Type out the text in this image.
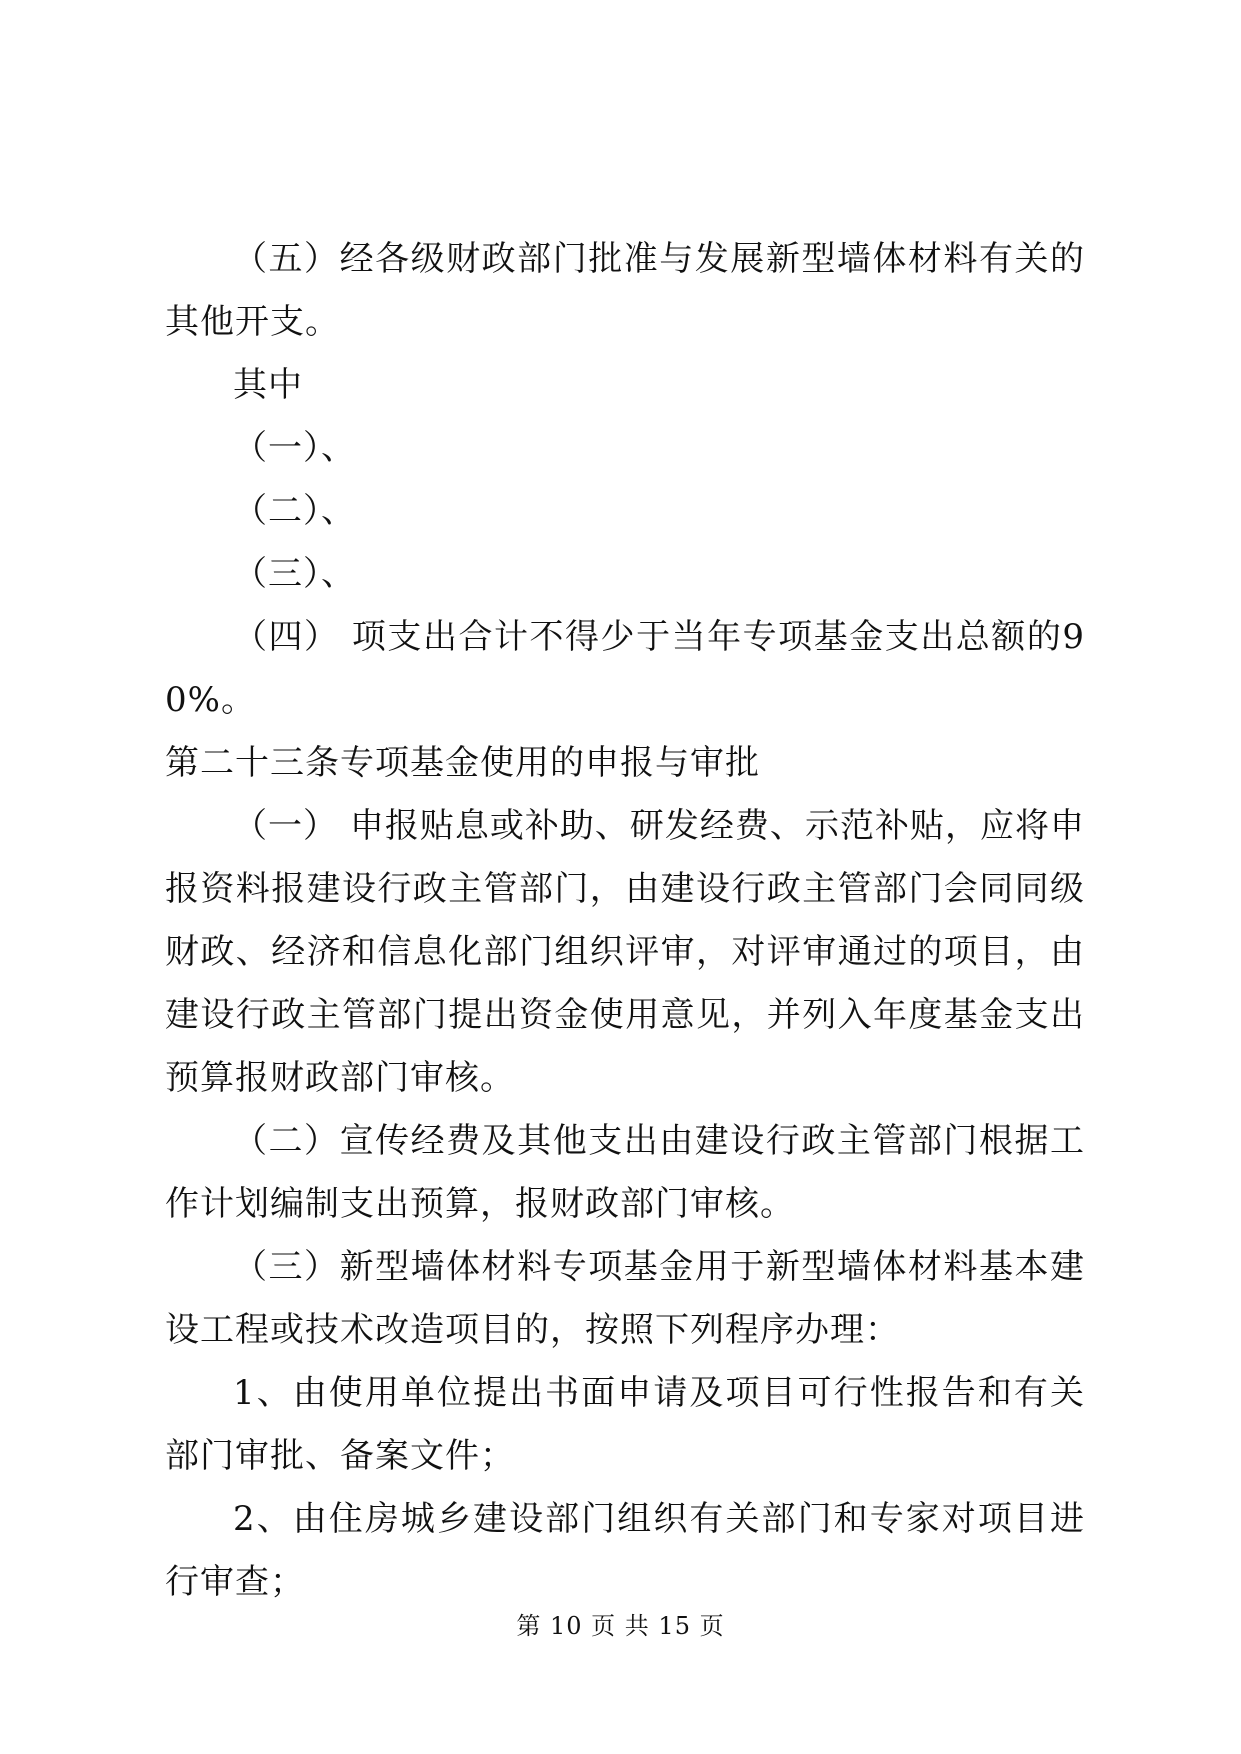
（五）经各级财政部门批准与发展新型墙体材料有关的其他开支。

其中

（一）、

（二）、

（三）、

（四） 项支出合计不得少于当年专项基金支出总额的90%。

第二十三条专项基金使用的申报与审批

（一） 申报贴息或补助、研发经费、示范补贴，应将申报资料报建设行政主管部门，由建设行政主管部门会同同级财政、经济和信息化部门组织评审，对评审通过的项目，由建设行政主管部门提出资金使用意见，并列入年度基金支出预算报财政部门审核。

（二）宣传经费及其他支出由建设行政主管部门根据工作计划编制支出预算，报财政部门审核。

（三）新型墙体材料专项基金用于新型墙体材料基本建设工程或技术改造项目的，按照下列程序办理：

1、由使用单位提出书面申请及项目可行性报告和有关部门审批、备案文件；

2、由住房城乡建设部门组织有关部门和专家对项目进行审查；

第 10 页 共 15 页
